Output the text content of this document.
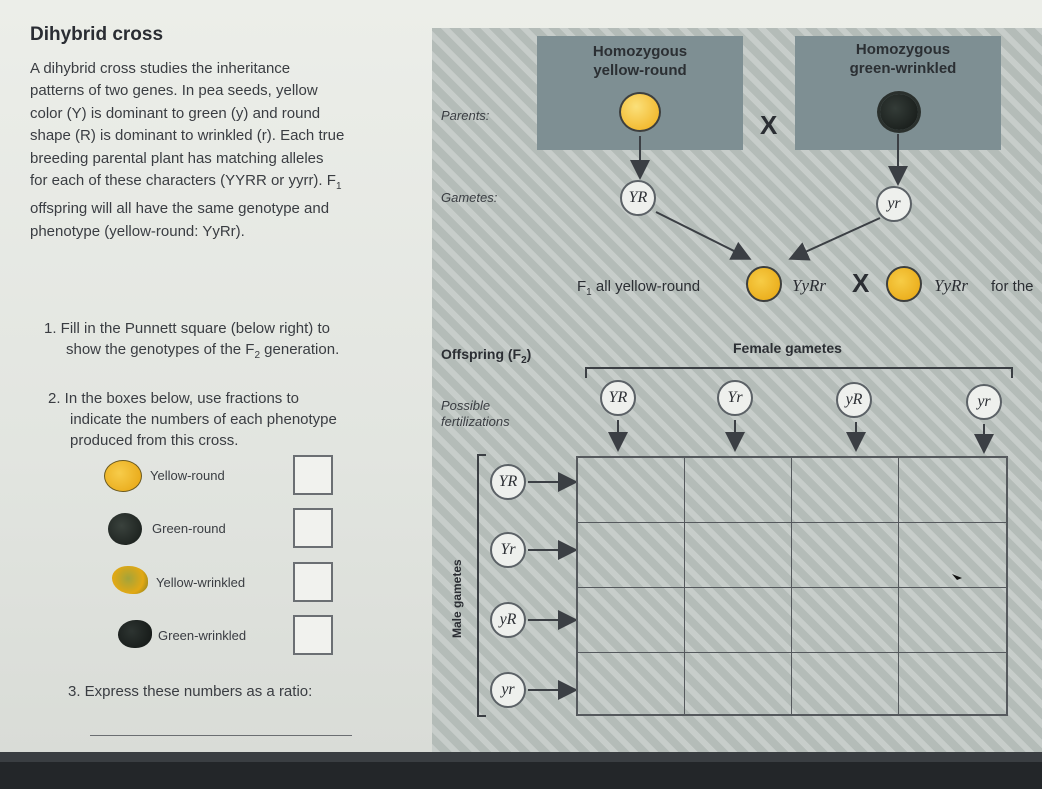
Dihybrid cross
A dihybrid cross studies the inheritance
patterns of two genes. In pea seeds, yellow
color (Y) is dominant to green (y) and round
shape (R) is dominant to wrinkled (r). Each true
breeding parental plant has matching alleles
for each of these characters (YYRR or yyrr). $F_1$
offspring will all have the same genotype and
phenotype (yellow-round: YyRr).
1. Fill in the Punnett square (below right) to
show the genotypes of the $F_2$ generation.
2. In the boxes below, use fractions to
indicate the numbers of each phenotype
produced from this cross.
Yellow-round
Green-round
Yellow-wrinkled
Green-wrinkled
3. Express these numbers as a ratio:
Homozygous
yellow-round
Homozygous
green-wrinkled
Parents:	X
Gametes:	YR	yr
$F_1$ all yellow-round	YyRr X	YyRr for the
Offspring $(F_2)$	Female gametes
Possible
fertilizations
YR	Yr	yR	yr
Male gametes
YR
Yr
yR
yr
